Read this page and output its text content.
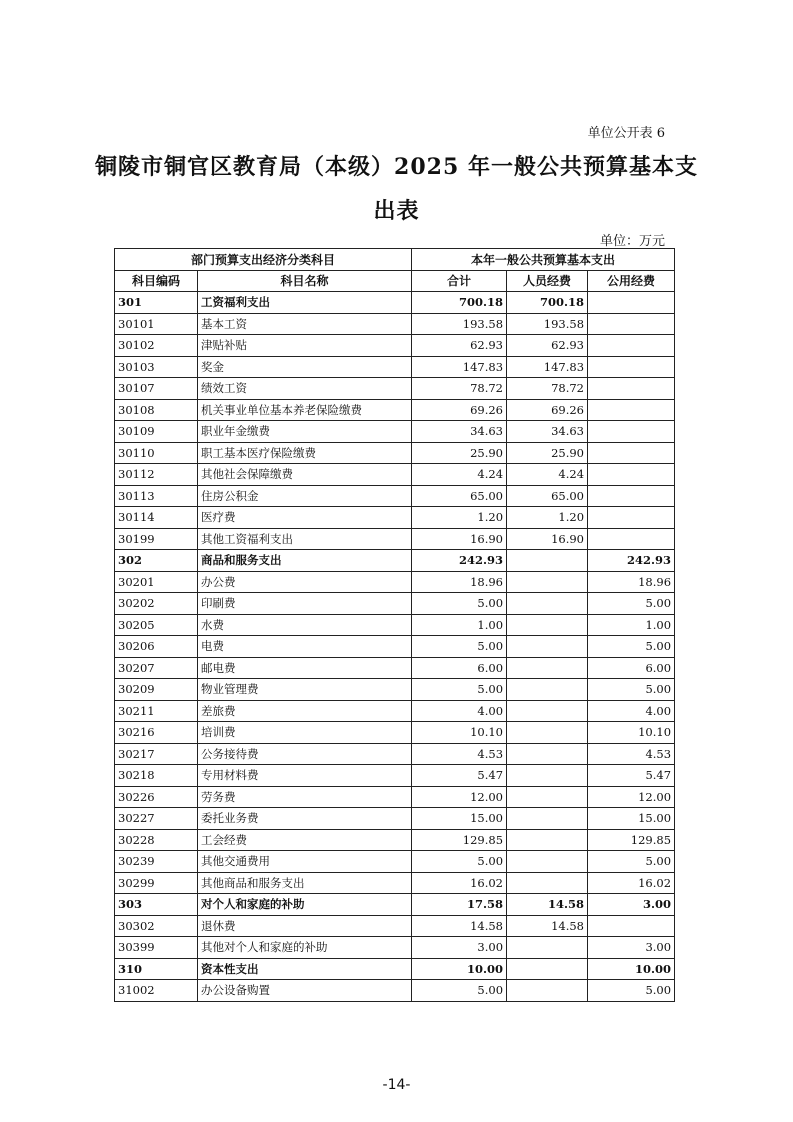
单位公开表 6
铜陵市铜官区教育局（本级）2025 年一般公共预算基本支
出表
单位：万元
部门预算支出经济分类科目		本年一般公共预算基本支出		
科目编码	科目名称	合计	人员经费	公用经费
301	工资福利支出	700.18	700.18	
30101	基本工资	193.58	193.58	
30102	津贴补贴	62.93	62.93	
30103	奖金	147.83	147.83	
30107	绩效工资	78.72	78.72	
30108	机关事业单位基本养老保险缴费	69.26	69.26	
30109	职业年金缴费	34.63	34.63	
30110	职工基本医疗保险缴费	25.90	25.90	
30112	其他社会保障缴费	4.24	4.24	
30113	住房公积金	65.00	65.00	
30114	医疗费	1.20	1.20	
30199	其他工资福利支出	16.90	16.90	
302	商品和服务支出	242.93		242.93
30201	办公费	18.96		18.96
30202	印刷费	5.00		5.00
30205	水费	1.00		1.00
30206	电费	5.00		5.00
30207	邮电费	6.00		6.00
30209	物业管理费	5.00		5.00
30211	差旅费	4.00		4.00
30216	培训费	10.10		10.10
30217	公务接待费	4.53		4.53
30218	专用材料费	5.47		5.47
30226	劳务费	12.00		12.00
30227	委托业务费	15.00		15.00
30228	工会经费	129.85		129.85
30239	其他交通费用	5.00		5.00
30299	其他商品和服务支出	16.02		16.02
303	对个人和家庭的补助	17.58	14.58	3.00
30302	退休费	14.58	14.58	
30399	其他对个人和家庭的补助	3.00		3.00
310	资本性支出	10.00		10.00
31002	办公设备购置	5.00		5.00
-14-
